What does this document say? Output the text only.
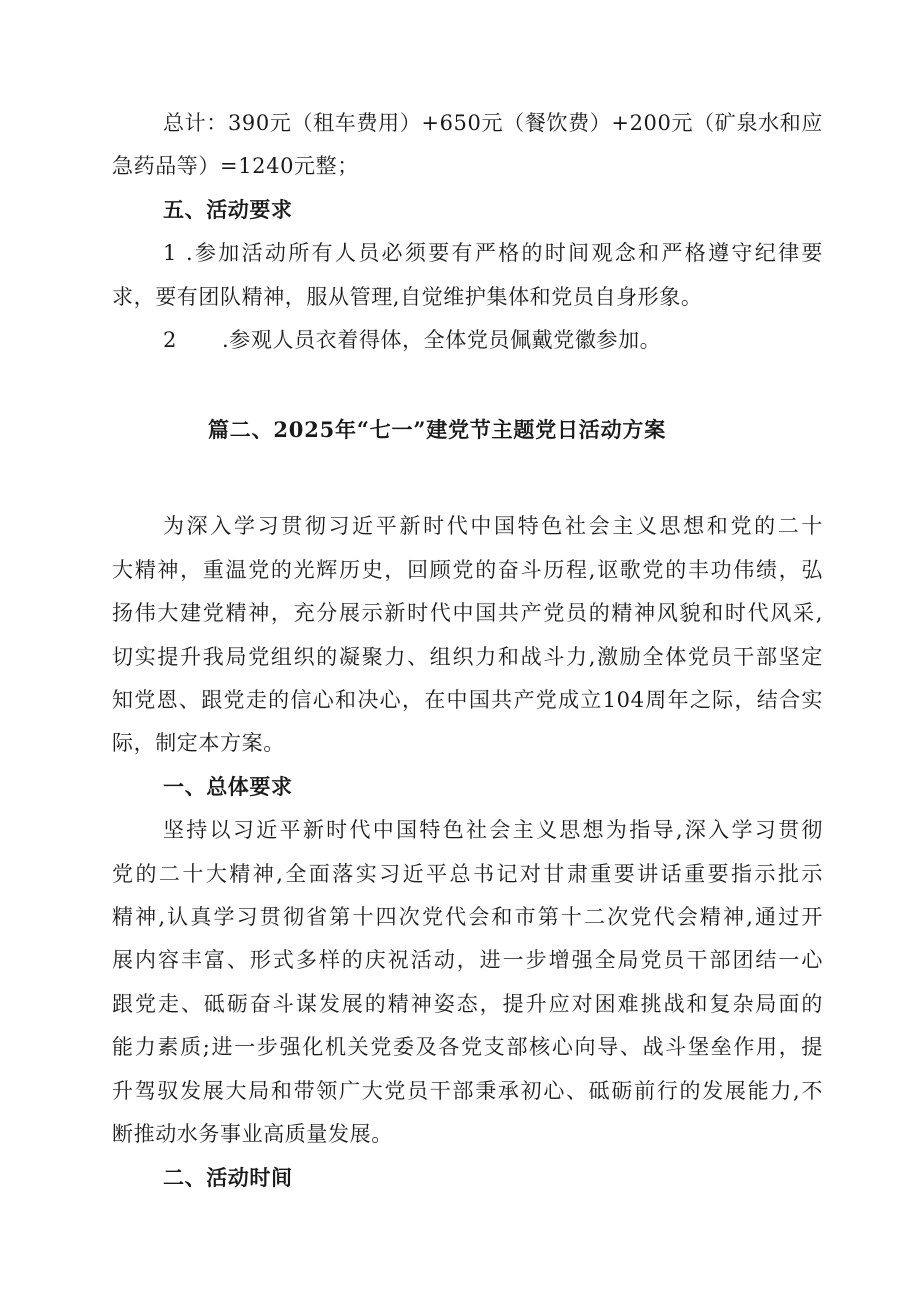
总计：390元（租车费用）+650元（餐饮费）+200元（矿泉水和应
急药品等）=1240元整；
五、活动要求
1 .参加活动所有人员必须要有严格的时间观念和严格遵守纪律要
求，要有团队精神，服从管理,自觉维护集体和党员自身形象。
2 .参观人员衣着得体，全体党员佩戴党徽参加。
篇二、2025年“七一”建党节主题党日活动方案
为深入学习贯彻习近平新时代中国特色社会主义思想和党的二十
大精神，重温党的光辉历史，回顾党的奋斗历程,讴歌党的丰功伟绩，弘
扬伟大建党精神，充分展示新时代中国共产党员的精神风貌和时代风采,
切实提升我局党组织的凝聚力、组织力和战斗力,激励全体党员干部坚定
知党恩、跟党走的信心和决心，在中国共产党成立104周年之际，结合实
际，制定本方案。
一、总体要求
坚持以习近平新时代中国特色社会主义思想为指导,深入学习贯彻
党的二十大精神,全面落实习近平总书记对甘肃重要讲话重要指示批示
精神,认真学习贯彻省第十四次党代会和市第十二次党代会精神,通过开
展内容丰富、形式多样的庆祝活动，进一步增强全局党员干部团结一心
跟党走、砥砺奋斗谋发展的精神姿态，提升应对困难挑战和复杂局面的
能力素质;进一步强化机关党委及各党支部核心向导、战斗堡垒作用，提
升驾驭发展大局和带领广大党员干部秉承初心、砥砺前行的发展能力,不
断推动水务事业高质量发展。
二、活动时间
